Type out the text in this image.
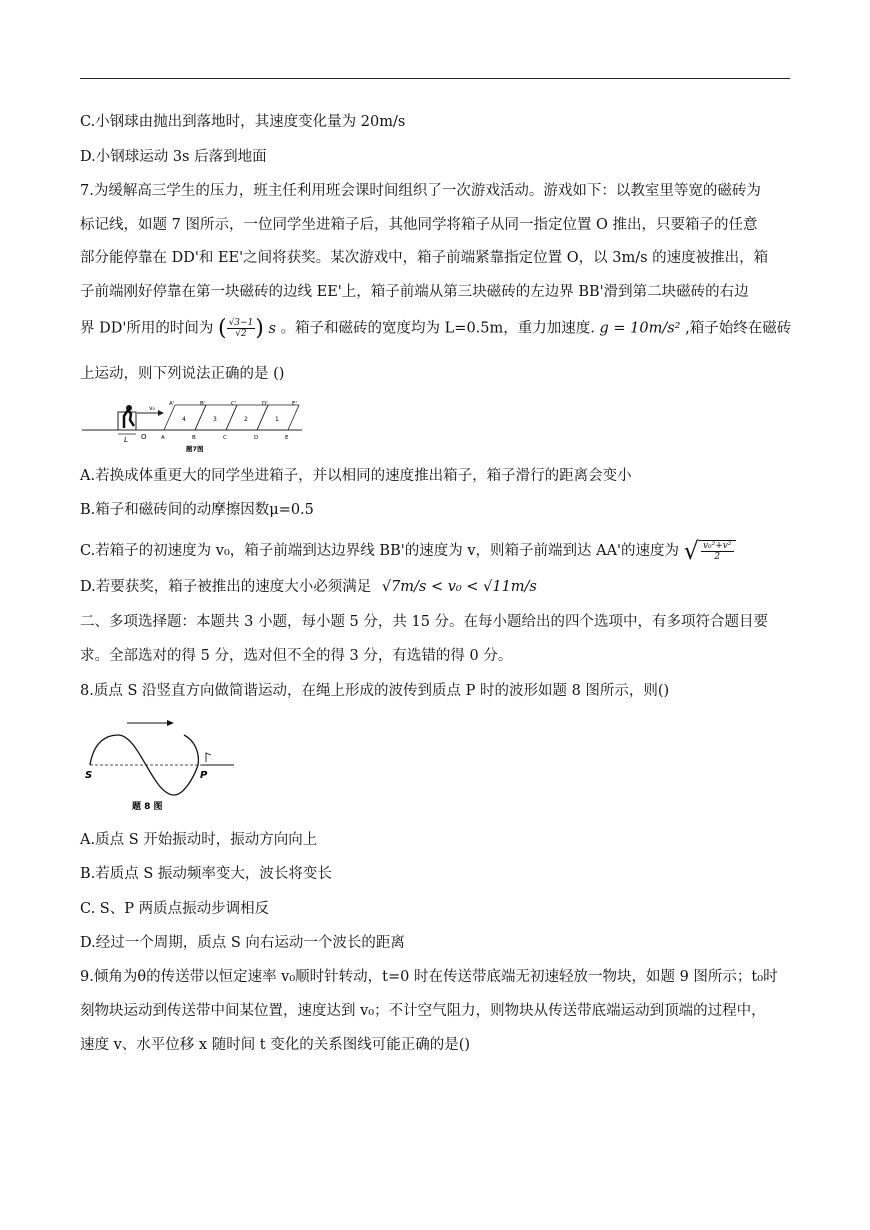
C.小钢球由抛出到落地时，其速度变化量为 20m/s
D.小钢球运动 3s 后落到地面
7.为缓解高三学生的压力，班主任利用班会课时间组织了一次游戏活动。游戏如下：以教室里等宽的磁砖为
标记线，如题 7 图所示，一位同学坐进箱子后，其他同学将箱子从同一指定位置 O 推出，只要箱子的任意
部分能停靠在 DD'和 EE'之间将获奖。某次游戏中，箱子前端紧靠指定位置 O，以 3m/s 的速度被推出，箱
子前端刚好停靠在第一块磁砖的边线 EE'上，箱子前端从第三块磁砖的左边界 BB'滑到第二块磁砖的右边
界 DD'所用的时间为 ( $\frac{√3-1}{√2}$ ) s 。箱子和磁砖的宽度均为 L=0.5m，重力加速度. g = 10m/s² ,箱子始终在磁砖
上运动，则下列说法正确的是 ()
v₀
L O
4	3	2	1
A'	B'	C'	D'	E'
A	B	C	D	E
题7图
A.若换成体重更大的同学坐进箱子，并以相同的速度推出箱子，箱子滑行的距离会变小
B.箱子和磁砖间的动摩擦因数μ=0.5
C.若箱子的初速度为 v₀，箱子前端到达边界线 BB'的速度为 v，则箱子前端到达 AA'的速度为 √ $\frac{\text{v₀²+v²}}{2}$
D.若要获奖，箱子被推出的速度大小必须满足 √7m/s < v₀ < √11m/s
二、多项选择题：本题共 3 小题，每小题 5 分，共 15 分。在每小题给出的四个选项中，有多项符合题目要
求。全部选对的得 5 分，选对但不全的得 3 分，有选错的得 0 分。
8.质点 S 沿竖直方向做简谐运动，在绳上形成的波传到质点 P 时的波形如题 8 图所示，则()
S	P
题 8 图
A.质点 S 开始振动时，振动方向向上
B.若质点 S 振动频率变大，波长将变长
C. S、P 两质点振动步调相反
D.经过一个周期，质点 S 向右运动一个波长的距离
9.倾角为θ的传送带以恒定速率 v₀顺时针转动，t=0 时在传送带底端无初速轻放一物块，如题 9 图所示；t₀时
刻物块运动到传送带中间某位置，速度达到 v₀；不计空气阻力，则物块从传送带底端运动到顶端的过程中，
速度 v、水平位移 x 随时间 t 变化的关系图线可能正确的是()
